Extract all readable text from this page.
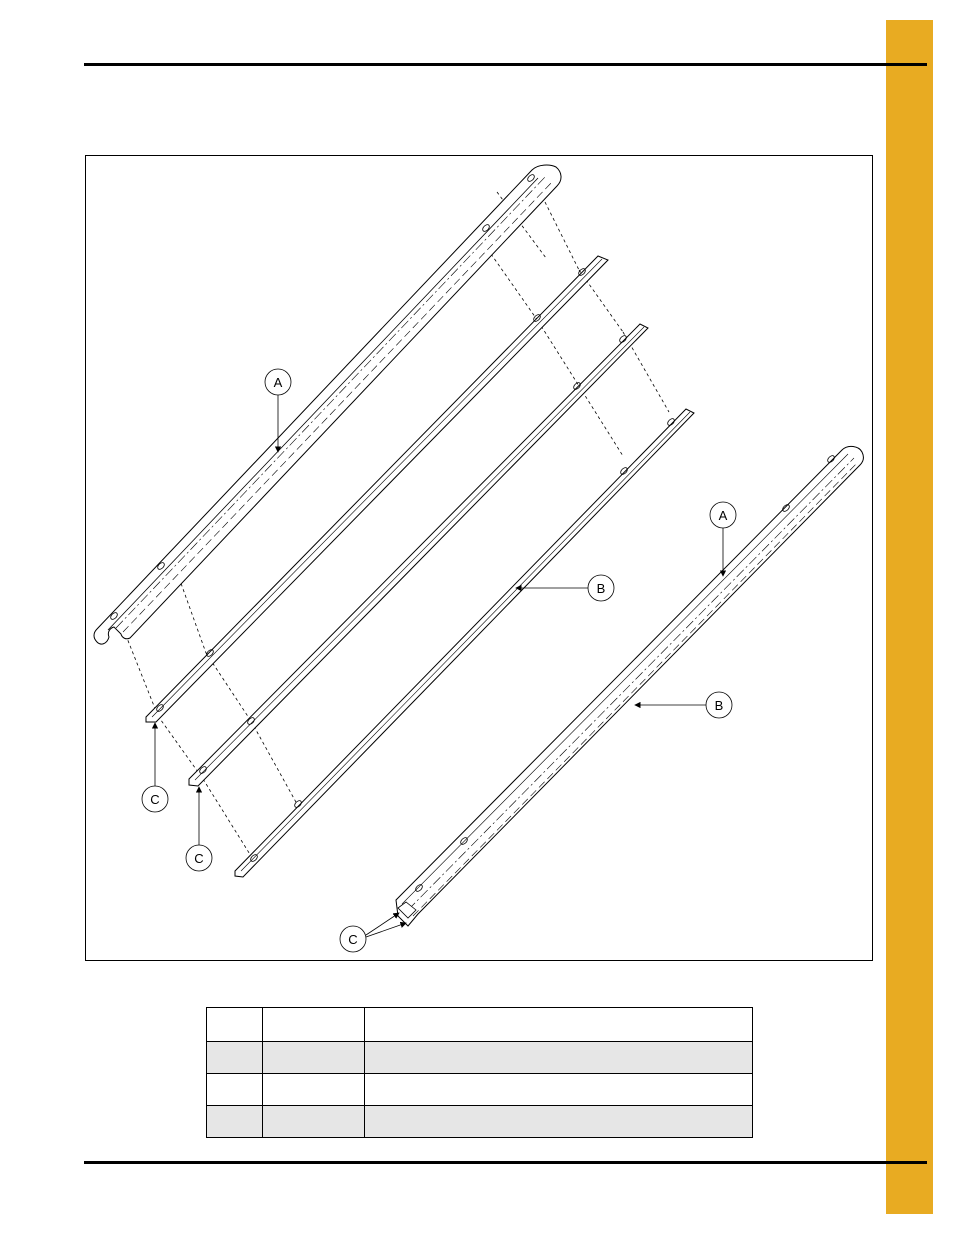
A
A
B
B
C
C
C
